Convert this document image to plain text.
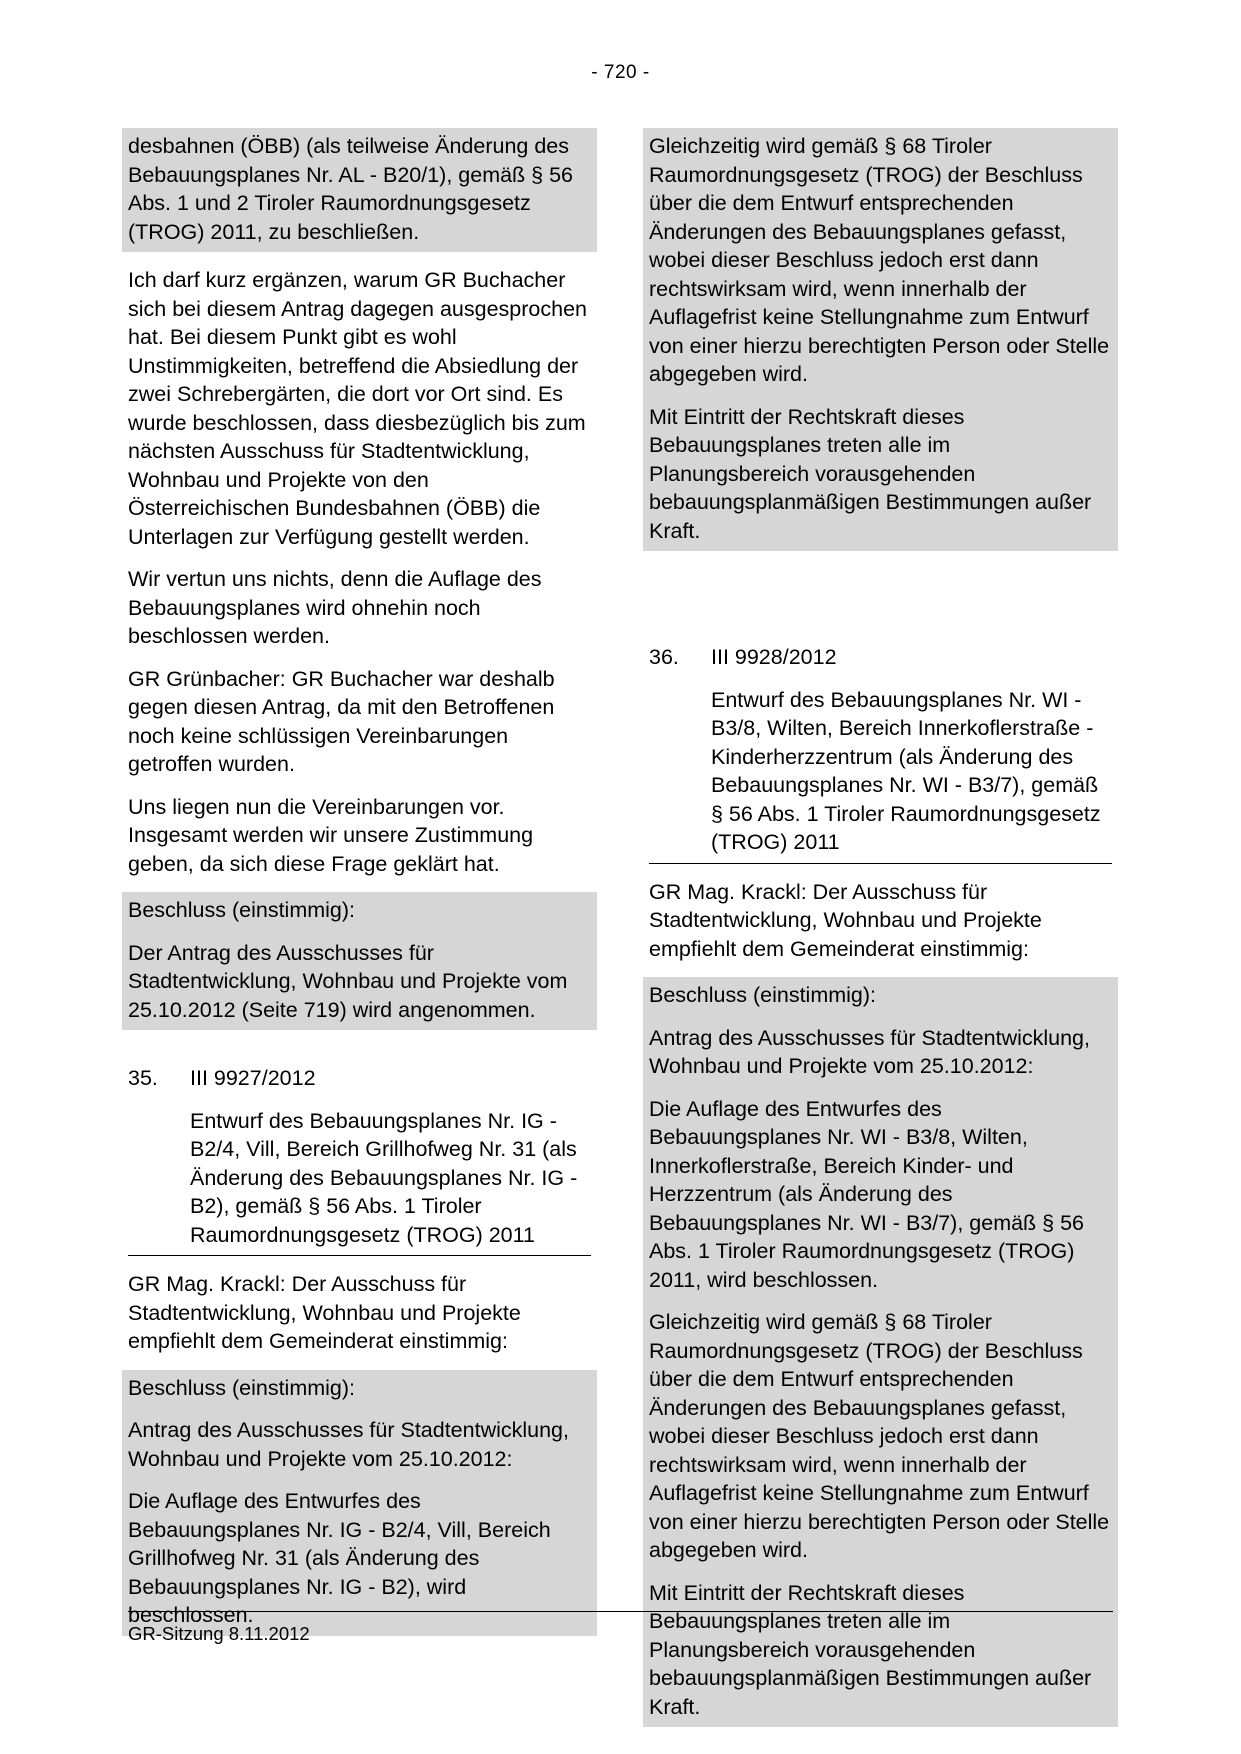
- 720 -

desbahnen (ÖBB) (als teilweise Änderung des Bebauungsplanes Nr. AL - B20/1), gemäß § 56 Abs. 1 und 2 Tiroler Raumordnungsgesetz (TROG) 2011, zu beschließen.

Ich darf kurz ergänzen, warum GR Buchacher sich bei diesem Antrag dagegen ausgesprochen hat. Bei diesem Punkt gibt es wohl Unstimmigkeiten, betreffend die Absiedlung der zwei Schrebergärten, die dort vor Ort sind. Es wurde beschlossen, dass diesbezüglich bis zum nächsten Ausschuss für Stadtentwicklung, Wohnbau und Projekte von den Österreichischen Bundesbahnen (ÖBB) die Unterlagen zur Verfügung gestellt werden.

Wir vertun uns nichts, denn die Auflage des Bebauungsplanes wird ohnehin noch beschlossen werden.

GR Grünbacher: GR Buchacher war deshalb gegen diesen Antrag, da mit den Betroffenen noch keine schlüssigen Vereinbarungen getroffen wurden.

Uns liegen nun die Vereinbarungen vor. Insgesamt werden wir unsere Zustimmung geben, da sich diese Frage geklärt hat.

Beschluss (einstimmig):

Der Antrag des Ausschusses für Stadtentwicklung, Wohnbau und Projekte vom 25.10.2012 (Seite 719) wird angenommen.

35.	III 9927/2012
Entwurf des Bebauungsplanes Nr. IG - B2/4, Vill, Bereich Grillhofweg Nr. 31 (als Änderung des Bebauungsplanes Nr. IG - B2), gemäß § 56 Abs. 1 Tiroler Raumordnungsgesetz (TROG) 2011

GR Mag. Krackl: Der Ausschuss für Stadtentwicklung, Wohnbau und Projekte empfiehlt dem Gemeinderat einstimmig:

Beschluss (einstimmig):

Antrag des Ausschusses für Stadtentwicklung, Wohnbau und Projekte vom 25.10.2012:

Die Auflage des Entwurfes des Bebauungsplanes Nr. IG - B2/4, Vill, Bereich Grillhofweg Nr. 31 (als Änderung des Bebauungsplanes Nr. IG - B2), wird beschlossen.

Gleichzeitig wird gemäß § 68 Tiroler Raumordnungsgesetz (TROG) der Beschluss über die dem Entwurf entsprechenden Änderungen des Bebauungsplanes gefasst, wobei dieser Beschluss jedoch erst dann rechtswirksam wird, wenn innerhalb der Auflagefrist keine Stellungnahme zum Entwurf von einer hierzu berechtigten Person oder Stelle abgegeben wird.

Mit Eintritt der Rechtskraft dieses Bebauungsplanes treten alle im Planungsbereich vorausgehenden bebauungsplanmäßigen Bestimmungen außer Kraft.

36.	III 9928/2012
Entwurf des Bebauungsplanes Nr. WI - B3/8, Wilten, Bereich Innerkoflerstraße - Kinderherzzentrum (als Änderung des Bebauungsplanes Nr. WI - B3/7), gemäß § 56 Abs. 1 Tiroler Raumordnungsgesetz (TROG) 2011

GR Mag. Krackl: Der Ausschuss für Stadtentwicklung, Wohnbau und Projekte empfiehlt dem Gemeinderat einstimmig:

Beschluss (einstimmig):

Antrag des Ausschusses für Stadtentwicklung, Wohnbau und Projekte vom 25.10.2012:

Die Auflage des Entwurfes des Bebauungsplanes Nr. WI - B3/8, Wilten, Innerkoflerstraße, Bereich Kinder- und Herzzentrum (als Änderung des Bebauungsplanes Nr. WI - B3/7), gemäß § 56 Abs. 1 Tiroler Raumordnungsgesetz (TROG) 2011, wird beschlossen.

Gleichzeitig wird gemäß § 68 Tiroler Raumordnungsgesetz (TROG) der Beschluss über die dem Entwurf entsprechenden Änderungen des Bebauungsplanes gefasst, wobei dieser Beschluss jedoch erst dann rechtswirksam wird, wenn innerhalb der Auflagefrist keine Stellungnahme zum Entwurf von einer hierzu berechtigten Person oder Stelle abgegeben wird.

Mit Eintritt der Rechtskraft dieses Bebauungsplanes treten alle im Planungsbereich vorausgehenden bebauungsplanmäßigen Bestimmungen außer Kraft.

GR-Sitzung 8.11.2012
